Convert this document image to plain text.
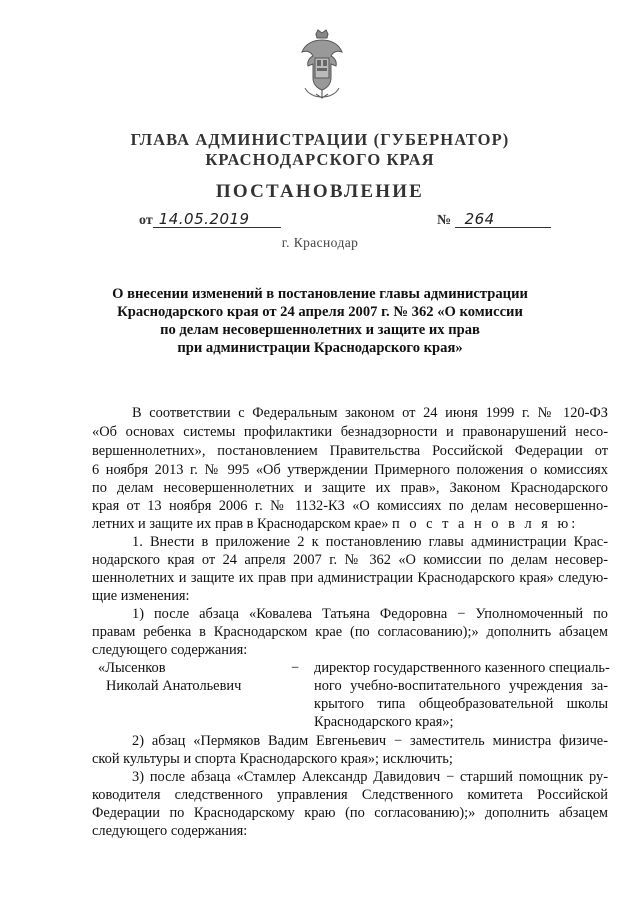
ГЛАВА АДМИНИСТРАЦИИ (ГУБЕРНАТОР)
КРАСНОДАРСКОГО КРАЯ
ПОСТАНОВЛЕНИЕ
от 14.05.2019	№ 264
г. Краснодар
О внесении изменений в постановление главы администрации
Краснодарского края от 24 апреля 2007 г. № 362 «О комиссии
по делам несовершеннолетних и защите их прав
при администрации Краснодарского края»
В соответствии с Федеральным законом от 24 июня 1999 г. № 120-ФЗ
«Об основах системы профилактики безнадзорности и правонарушений несо-
вершеннолетних», постановлением Правительства Российской Федерации от
6 ноября 2013 г. № 995 «Об утверждении Примерного положения о комиссиях
по делам несовершеннолетних и защите их прав», Законом Краснодарского
края от 13 ноября 2006 г. № 1132-КЗ «О комиссиях по делам несовершенно-
летних и защите их прав в Краснодарском крае» п о с т а н о в л я ю:
1. Внести в приложение 2 к постановлению главы администрации Крас-
нодарского края от 24 апреля 2007 г. № 362 «О комиссии по делам несовер-
шеннолетних и защите их прав при администрации Краснодарского края» следую-
щие изменения:
1) после абзаца «Ковалева Татьяна Федоровна − Уполномоченный по
правам ребенка в Краснодарском крае (по согласованию);» дополнить абзацем
следующего содержания:
«Лысенков
Николай Анатольевич
− директор государственного казенного специаль-
ного учебно-воспитательного учреждения за-
крытого типа общеобразовательной школы
Краснодарского края»;
2) абзац «Пермяков Вадим Евгеньевич − заместитель министра физиче-
ской культуры и спорта Краснодарского края»; исключить;
3) после абзаца «Стамлер Александр Давидович − старший помощник ру-
ководителя следственного управления Следственного комитета Российской
Федерации по Краснодарскому краю (по согласованию);» дополнить абзацем
следующего содержания:
